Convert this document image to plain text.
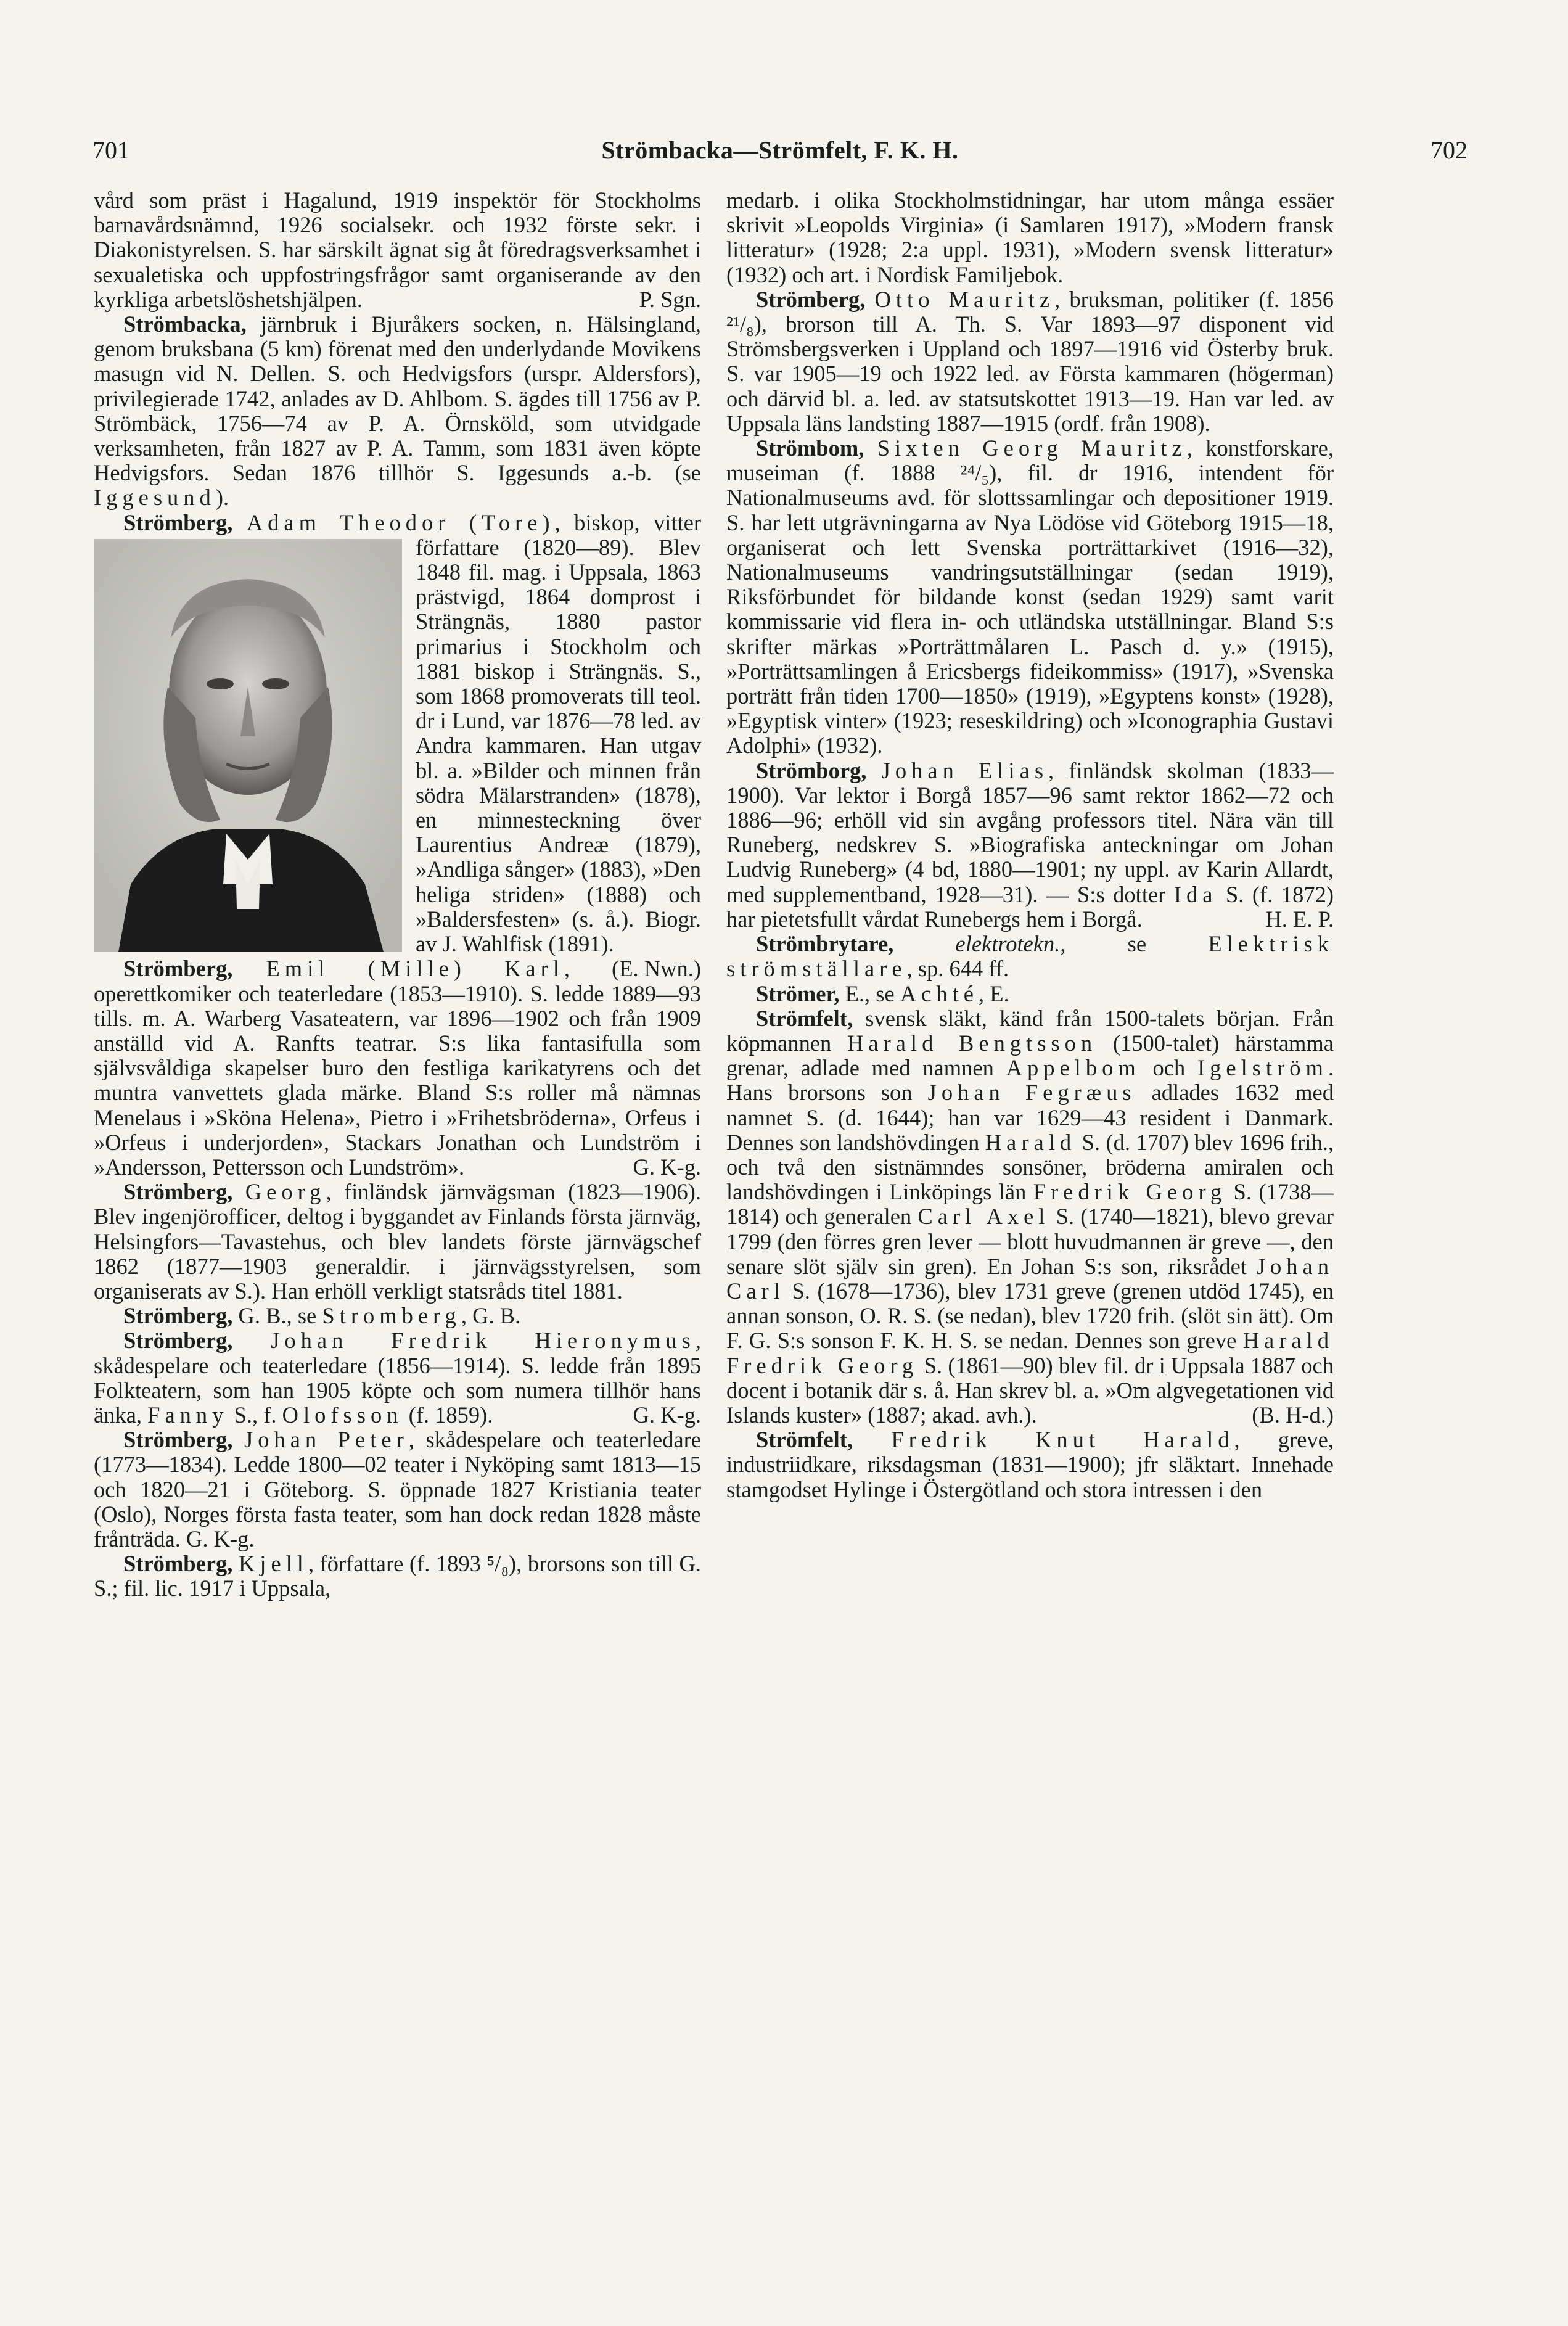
701	Strömbacka—Strömfelt, F. K. H.	702

vård som präst i Hagalund, 1919 inspektör för Stockholms barnavårdsnämnd, 1926 socialsekr. och 1932 förste sekr. i Diakonistyrelsen. S. har särskilt ägnat sig åt föredragsverksamhet i sexualetiska och uppfostringsfrågor samt organiserande av den kyrkliga arbetslöshetshjälpen.	P. Sgn.

Strömbacka, järnbruk i Bjuråkers socken, n. Hälsingland, genom bruksbana (5 km) förenat med den underlydande Movikens masugn vid N. Dellen. S. och Hedvigsfors (urspr. Aldersfors), privilegierade 1742, anlades av D. Ahlbom. S. ägdes till 1756 av P. Strömbäck, 1756—74 av P. A. Örnsköld, som utvidgade verksamheten, från 1827 av P. A. Tamm, som 1831 även köpte Hedvigsfors. Sedan 1876 tillhör S. Iggesunds a.-b. (se Iggesund).

Strömberg, Adam Theodor (Tore)
, biskop, vitter författare (1820—89). Blev 1848 fil. mag. i Uppsala, 1863 prästvigd, 1864 domprost i Strängnäs, 1880 pastor primarius i Stockholm och 1881 biskop i Strängnäs. S., som 1868 promoverats till teol. dr i Lund, var 1876—78 led. av Andra kammaren. Han utgav bl. a. »Bilder och minnen från södra Mälarstranden» (1878), en minnesteckning över Laurentius Andreæ (1879), »Andliga sånger» (1883), »Den heliga striden» (1888) och »Baldersfesten» (s. å.). Biogr. av J. Wahlfisk (1891).
(E. Nwn.)

Strömberg, Emil (Mille) Karl, operettkomiker och teaterledare (1853—1910). S. ledde 1889—93 tills. m. A. Warberg Vasateatern, var 1896—1902 och från 1909 anställd vid A. Ranfts teatrar. S:s lika fantasifulla som självsvåldiga skapelser buro den festliga karikatyrens och det muntra vanvettets glada märke. Bland S:s roller må nämnas Menelaus i »Sköna Helena», Pietro i »Frihetsbröderna», Orfeus i »Orfeus i underjorden», Stackars Jonathan och Lundström i »Andersson, Pettersson och Lundström».	G. K-g.

Strömberg, Georg, finländsk järnvägsman (1823—1906). Blev ingenjörofficer, deltog i byggandet av Finlands första järnväg, Helsingfors—Tavastehus, och blev landets förste järnvägschef 1862 (1877—1903 generaldir. i järnvägsstyrelsen, som organiserats av S.). Han erhöll verkligt statsråds titel 1881.

Strömberg, G. B., se Stromberg, G. B.

Strömberg, Johan Fredrik Hieronymus, skådespelare och teaterledare (1856—1914). S. ledde från 1895 Folkteatern, som han 1905 köpte och som numera tillhör hans änka, Fanny S., f. Olofsson (f. 1859).	G. K-g.

Strömberg, Johan Peter, skådespelare och teaterledare (1773—1834). Ledde 1800—02 teater i Nyköping samt 1813—15 och 1820—21 i Göteborg. S. öppnade 1827 Kristiania teater (Oslo), Norges första fasta teater, som han dock redan 1828 måste frånträda. G. K-g.

Strömberg, Kjell, författare (f. 1893 ⁵/₈), brorsons son till G. S.; fil. lic. 1917 i Uppsala,

medarb. i olika Stockholmstidningar, har utom många essäer skrivit »Leopolds Virginia» (i Samlaren 1917), »Modern fransk litteratur» (1928; 2:a uppl. 1931), »Modern svensk litteratur» (1932) och art. i Nordisk Familjebok.

Strömberg, Otto Mauritz, bruksman, politiker (f. 1856 ²¹/₈), brorson till A. Th. S. Var 1893—97 disponent vid Strömsbergsverken i Uppland och 1897—1916 vid Österby bruk. S. var 1905—19 och 1922 led. av Första kammaren (högerman) och därvid bl. a. led. av statsutskottet 1913—19. Han var led. av Uppsala läns landsting 1887—1915 (ordf. från 1908).

Strömbom, Sixten Georg Mauritz, konstforskare, museiman (f. 1888 ²⁴/₅), fil. dr 1916, intendent för Nationalmuseums avd. för slottssamlingar och depositioner 1919. S. har lett utgrävningarna av Nya Lödöse vid Göteborg 1915—18, organiserat och lett Svenska porträttarkivet (1916—32), Nationalmuseums vandringsutställningar (sedan 1919), Riksförbundet för bildande konst (sedan 1929) samt varit kommissarie vid flera in- och utländska utställningar. Bland S:s skrifter märkas »Porträttmålaren L. Pasch d. y.» (1915), »Porträttsamlingen å Ericsbergs fideikommiss» (1917), »Svenska porträtt från tiden 1700—1850» (1919), »Egyptens konst» (1928), »Egyptisk vinter» (1923; reseskildring) och »Iconographia Gustavi Adolphi» (1932).

Strömborg, Johan Elias, finländsk skolman (1833—1900). Var lektor i Borgå 1857—96 samt rektor 1862—72 och 1886—96; erhöll vid sin avgång professors titel. Nära vän till Runeberg, nedskrev S. »Biografiska anteckningar om Johan Ludvig Runeberg» (4 bd, 1880—1901; ny uppl. av Karin Allardt, med supplementband, 1928—31). — S:s dotter Ida S. (f. 1872) har pietetsfullt vårdat Runebergs hem i Borgå.	H. E. P.

Strömbrytare, elektrotekn., se Elektrisk strömställare, sp. 644 ff.

Strömer, E., se Achté, E.

Strömfelt, svensk släkt, känd från 1500-talets början. Från köpmannen Harald Bengtsson (1500-talet) härstamma grenar, adlade med namnen Appelbom och Igelström. Hans brorsons son Johan Fegræus adlades 1632 med namnet S. (d. 1644); han var 1629—43 resident i Danmark. Dennes son landshövdingen Harald S. (d. 1707) blev 1696 frih., och två den sistnämndes sonsöner, bröderna amiralen och landshövdingen i Linköpings län Fredrik Georg S. (1738—1814) och generalen Carl Axel S. (1740—1821), blevo grevar 1799 (den förres gren lever — blott huvudmannen är greve —, den senare slöt själv sin gren). En Johan S:s son, riksrådet Johan Carl S. (1678—1736), blev 1731 greve (grenen utdöd 1745), en annan sonson, O. R. S. (se nedan), blev 1720 frih. (slöt sin ätt). Om F. G. S:s sonson F. K. H. S. se nedan. Dennes son greve Harald Fredrik Georg S. (1861—90) blev fil. dr i Uppsala 1887 och docent i botanik där s. å. Han skrev bl. a. »Om algvegetationen vid Islands kuster» (1887; akad. avh.).	(B. H-d.)

Strömfelt, Fredrik Knut Harald, greve, industriidkare, riksdagsman (1831—1900); jfr släktart. Innehade stamgodset Hylinge i Östergötland och stora intressen i den
